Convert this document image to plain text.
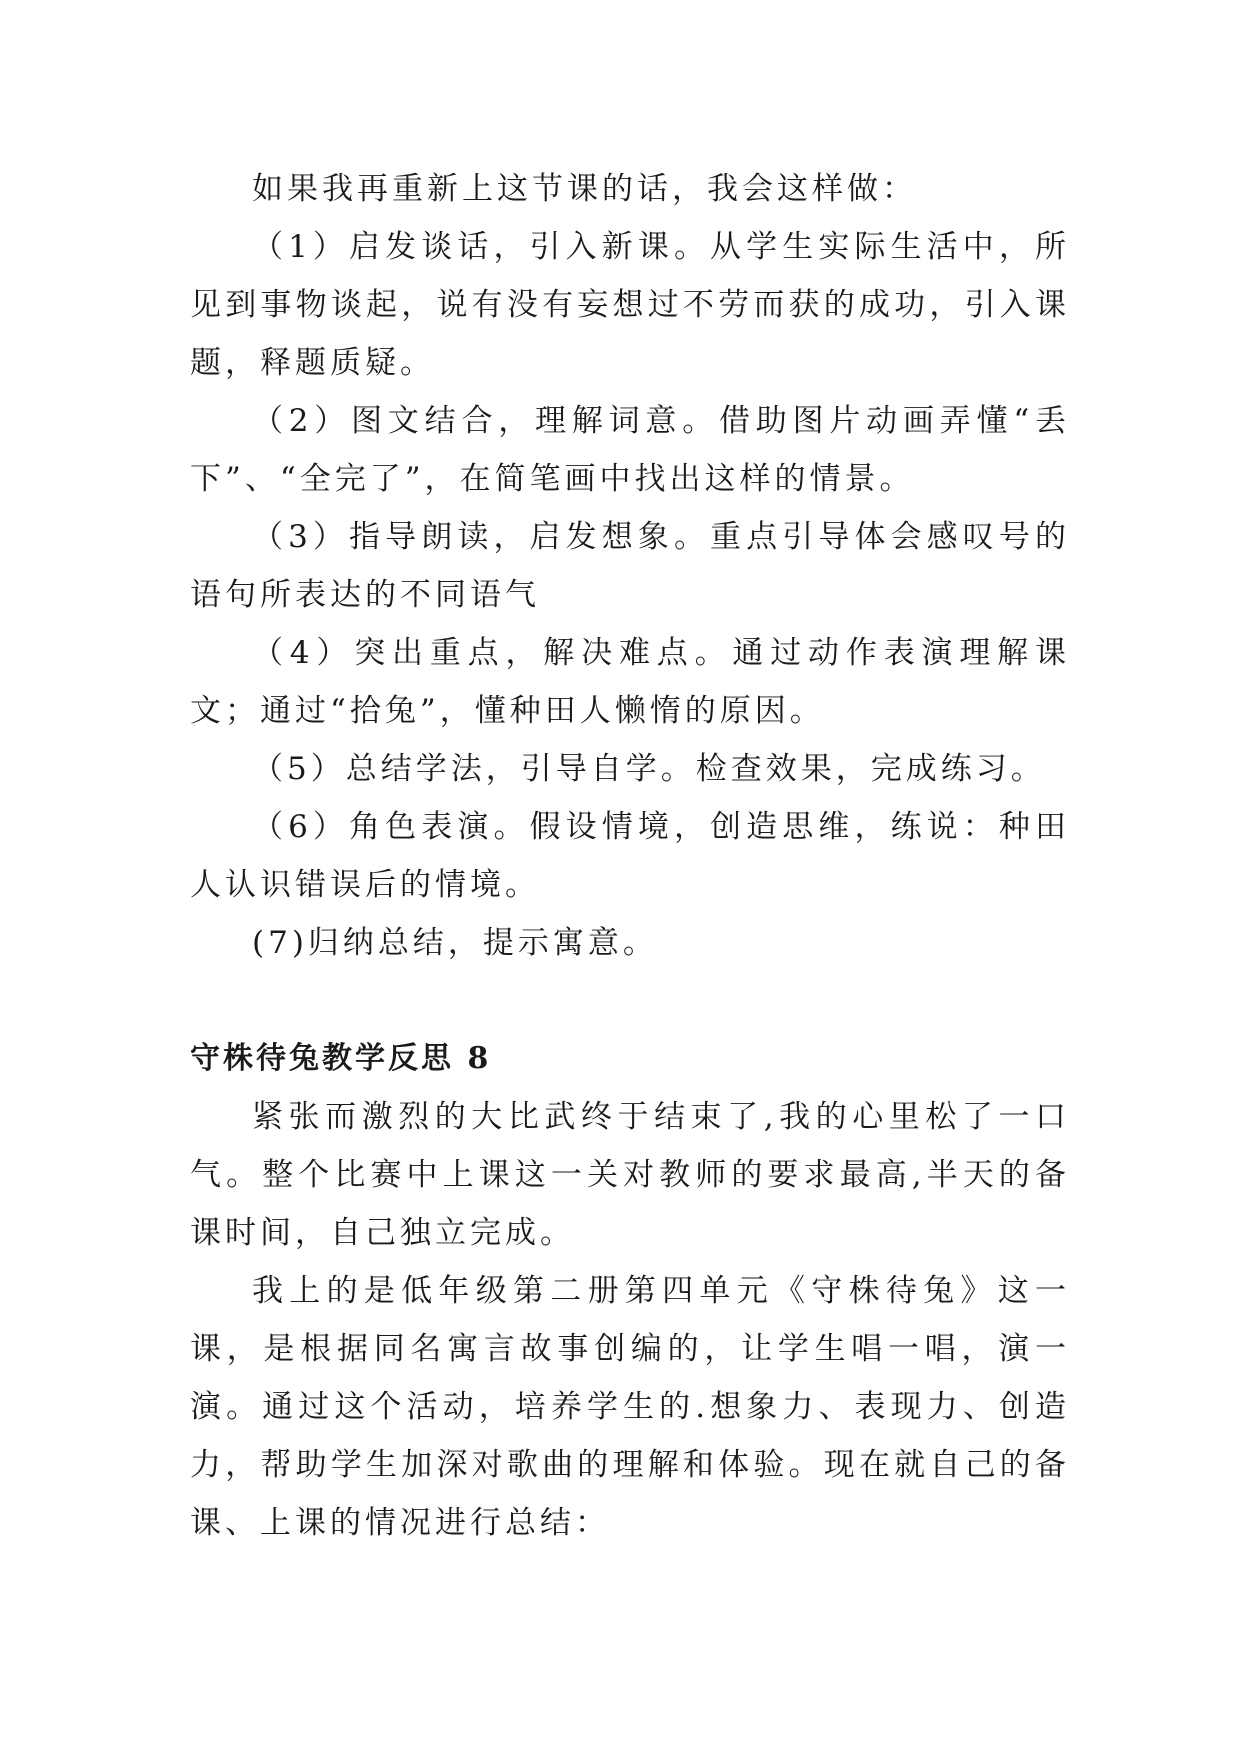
如果我再重新上这节课的话，我会这样做：

（1）启发谈话，引入新课。从学生实际生活中，所见到事物谈起，说有没有妄想过不劳而获的成功，引入课题，释题质疑。

（2）图文结合，理解词意。借助图片动画弄懂“丢下”、“全完了”，在简笔画中找出这样的情景。

（3）指导朗读，启发想象。重点引导体会感叹号的语句所表达的不同语气

（4）突出重点，解决难点。通过动作表演理解课文；通过“拾兔”，懂种田人懒惰的原因。

（5）总结学法，引导自学。检查效果，完成练习。

（6）角色表演。假设情境，创造思维，练说：种田人认识错误后的情境。

(7)归纳总结，提示寓意。

守株待兔教学反思 8

紧张而激烈的大比武终于结束了,我的心里松了一口气。整个比赛中上课这一关对教师的要求最高,半天的备课时间，自己独立完成。

我上的是低年级第二册第四单元《守株待兔》这一课，是根据同名寓言故事创编的，让学生唱一唱，演一演。通过这个活动，培养学生的.想象力、表现力、创造力，帮助学生加深对歌曲的理解和体验。现在就自己的备课、上课的情况进行总结：
